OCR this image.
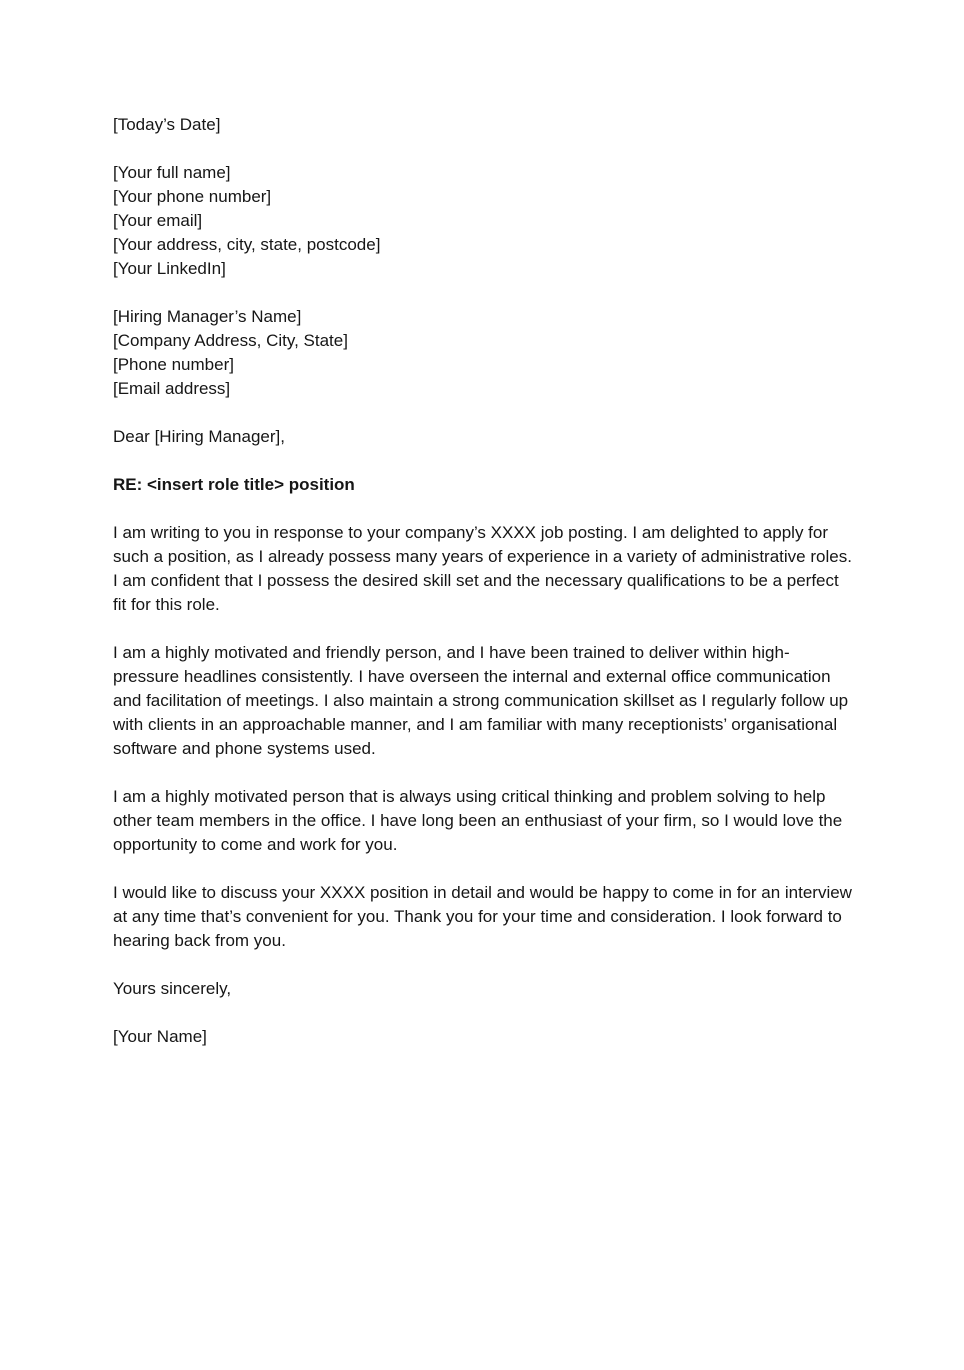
[Today’s Date]

[Your full name]

[Your phone number]

[Your email]

[Your address, city, state, postcode]

[Your LinkedIn]

[Hiring Manager’s Name]

[Company Address, City, State]

[Phone number]

[Email address]

Dear [Hiring Manager],

RE: <insert role title> position

I am writing to you in response to your company’s XXXX job posting. I am delighted to apply for such a position, as I already possess many years of experience in a variety of administrative roles. I am confident that I possess the desired skill set and the necessary qualifications to be a perfect fit for this role.

I am a highly motivated and friendly person, and I have been trained to deliver within high-pressure headlines consistently. I have overseen the internal and external office communication and facilitation of meetings. I also maintain a strong communication skillset as I regularly follow up with clients in an approachable manner, and I am familiar with many receptionists’ organisational software and phone systems used.

I am a highly motivated person that is always using critical thinking and problem solving to help other team members in the office. I have long been an enthusiast of your firm, so I would love the opportunity to come and work for you.

I would like to discuss your XXXX position in detail and would be happy to come in for an interview at any time that’s convenient for you. Thank you for your time and consideration. I look forward to hearing back from you.

Yours sincerely,

[Your Name]
